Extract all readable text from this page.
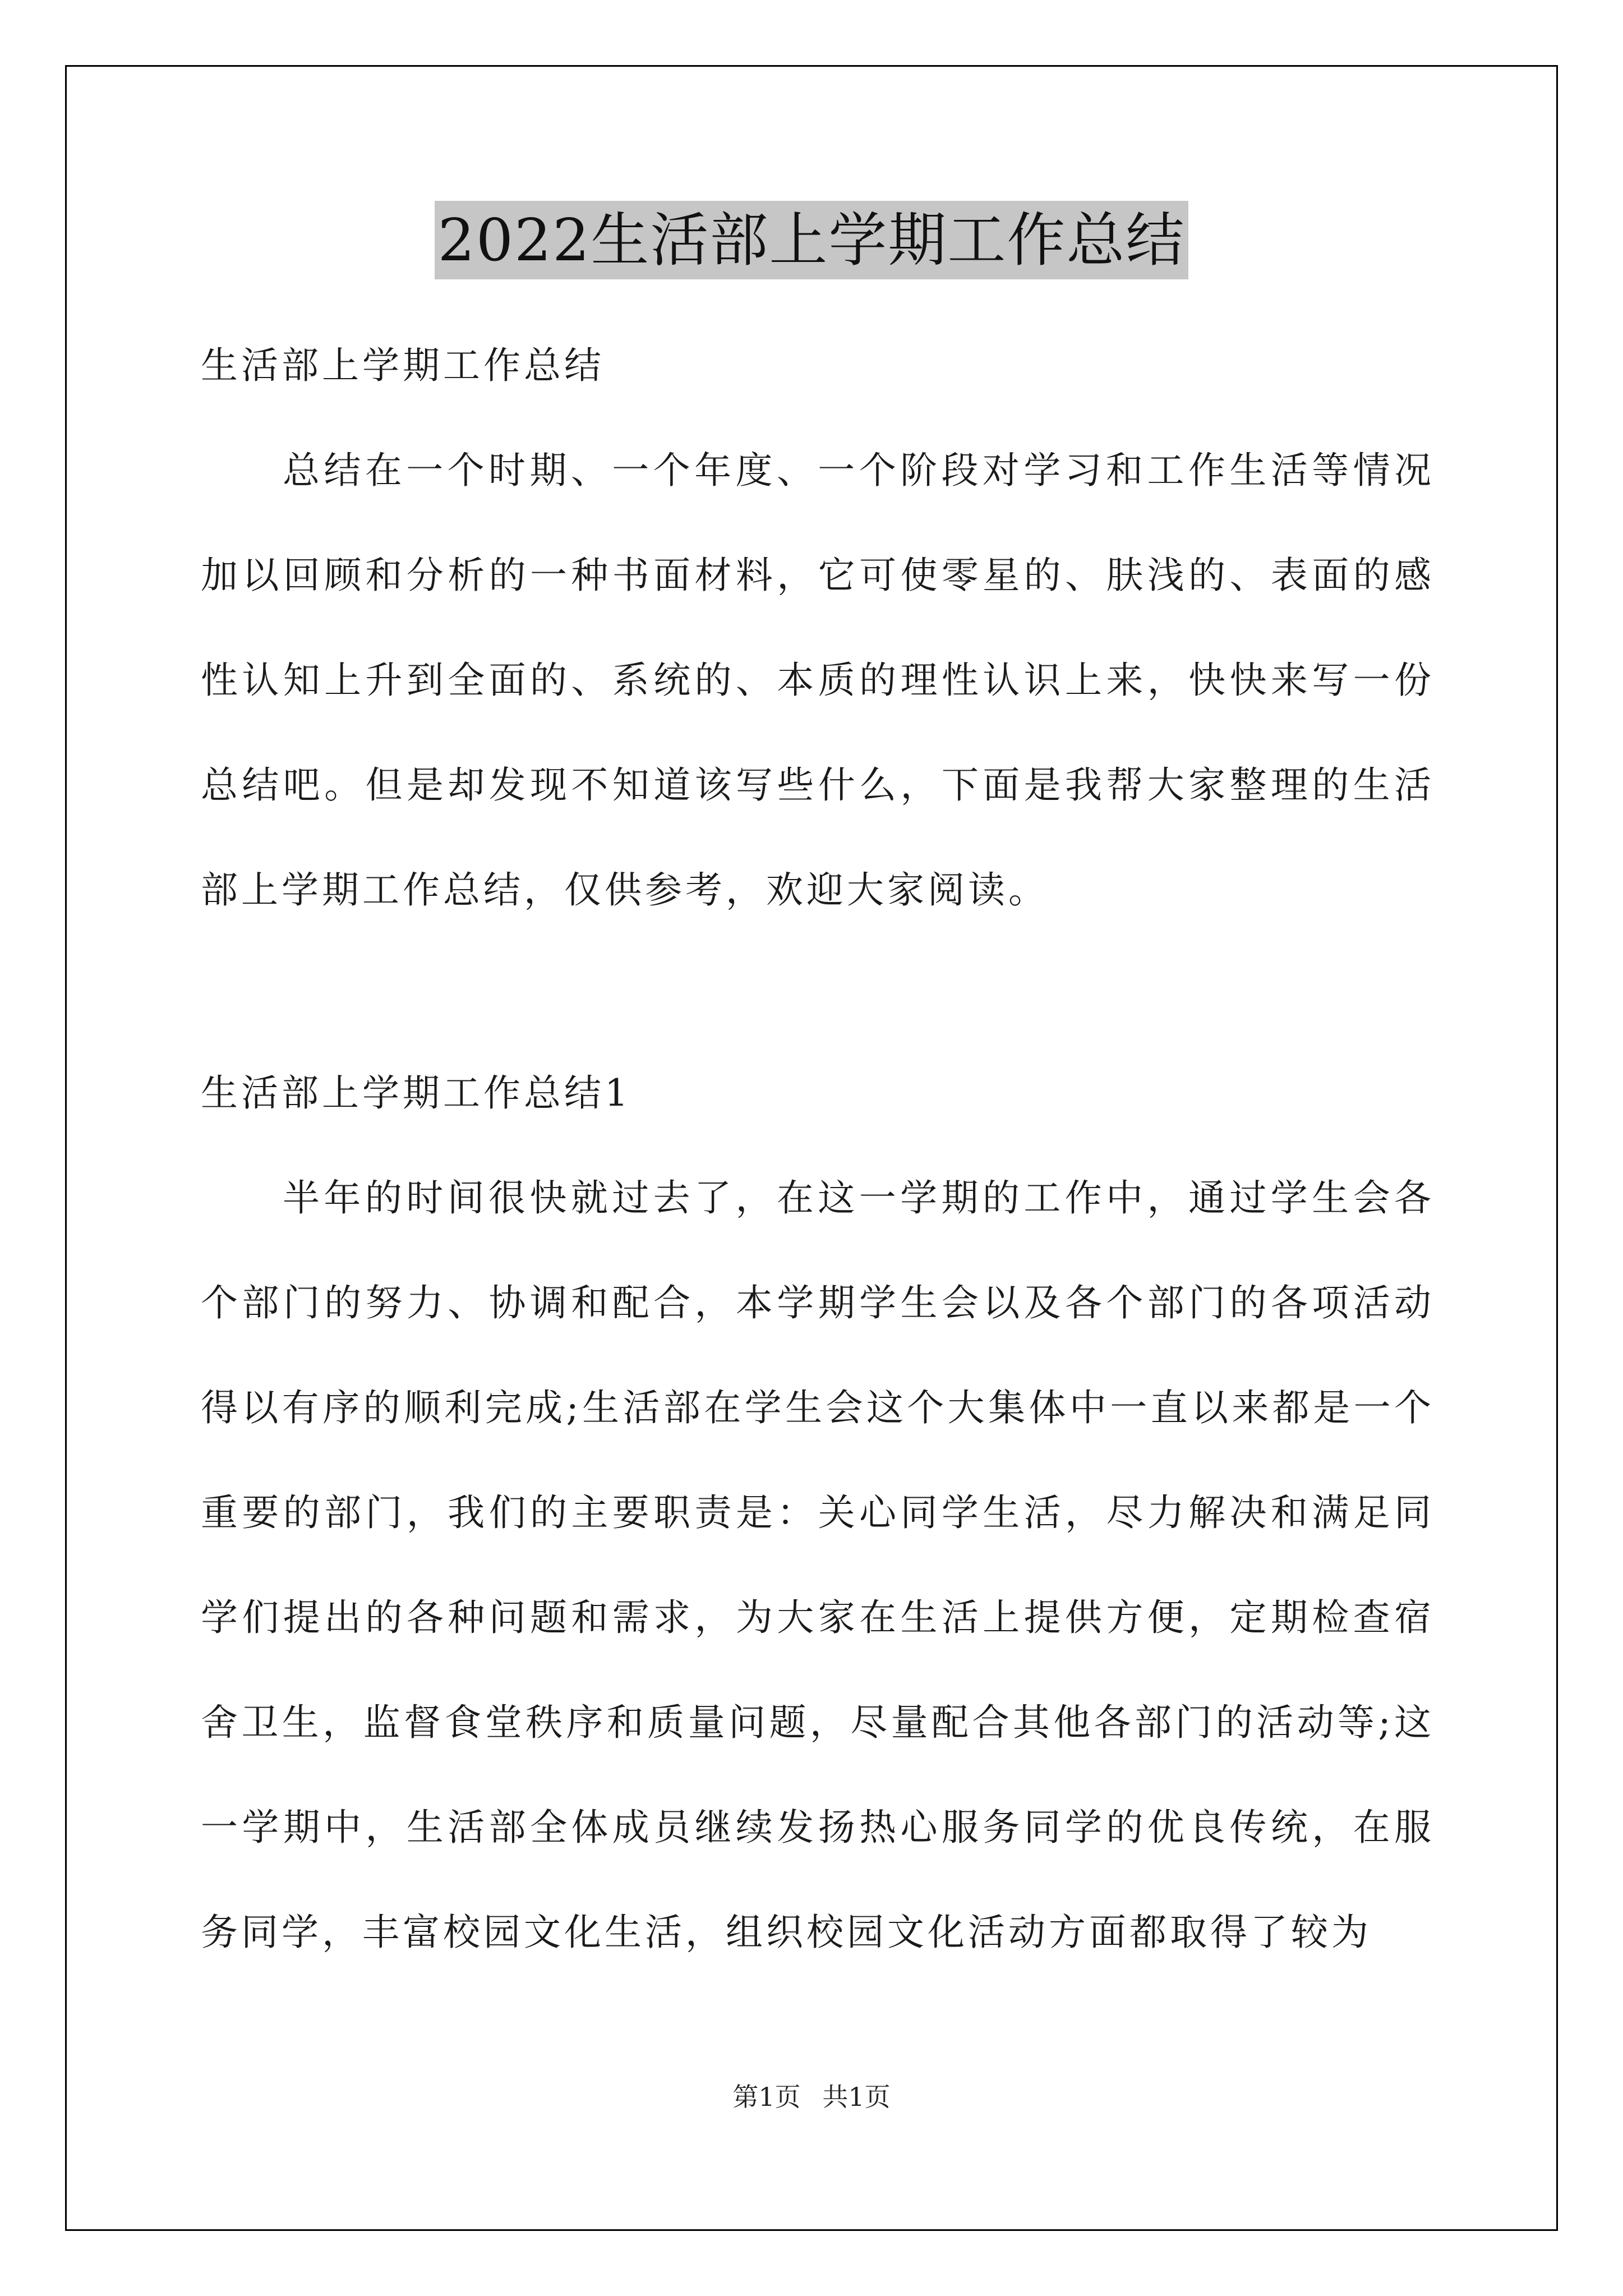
2022生活部上学期工作总结
生活部上学期工作总结

总结在一个时期、一个年度、一个阶段对学习和工作生活等情况加以回顾和分析的一种书面材料，它可使零星的、肤浅的、表面的感性认知上升到全面的、系统的、本质的理性认识上来，快快来写一份总结吧。但是却发现不知道该写些什么，下面是我帮大家整理的生活部上学期工作总结，仅供参考，欢迎大家阅读。

生活部上学期工作总结1

半年的时间很快就过去了，在这一学期的工作中，通过学生会各个部门的努力、协调和配合，本学期学生会以及各个部门的各项活动得以有序的顺利完成;生活部在学生会这个大集体中一直以来都是一个重要的部门，我们的主要职责是：关心同学生活，尽力解决和满足同学们提出的各种问题和需求，为大家在生活上提供方便，定期检查宿舍卫生，监督食堂秩序和质量问题，尽量配合其他各部门的活动等;这一学期中，生活部全体成员继续发扬热心服务同学的优良传统，在服务同学，丰富校园文化生活，组织校园文化活动方面都取得了较为

第1页 共1页
